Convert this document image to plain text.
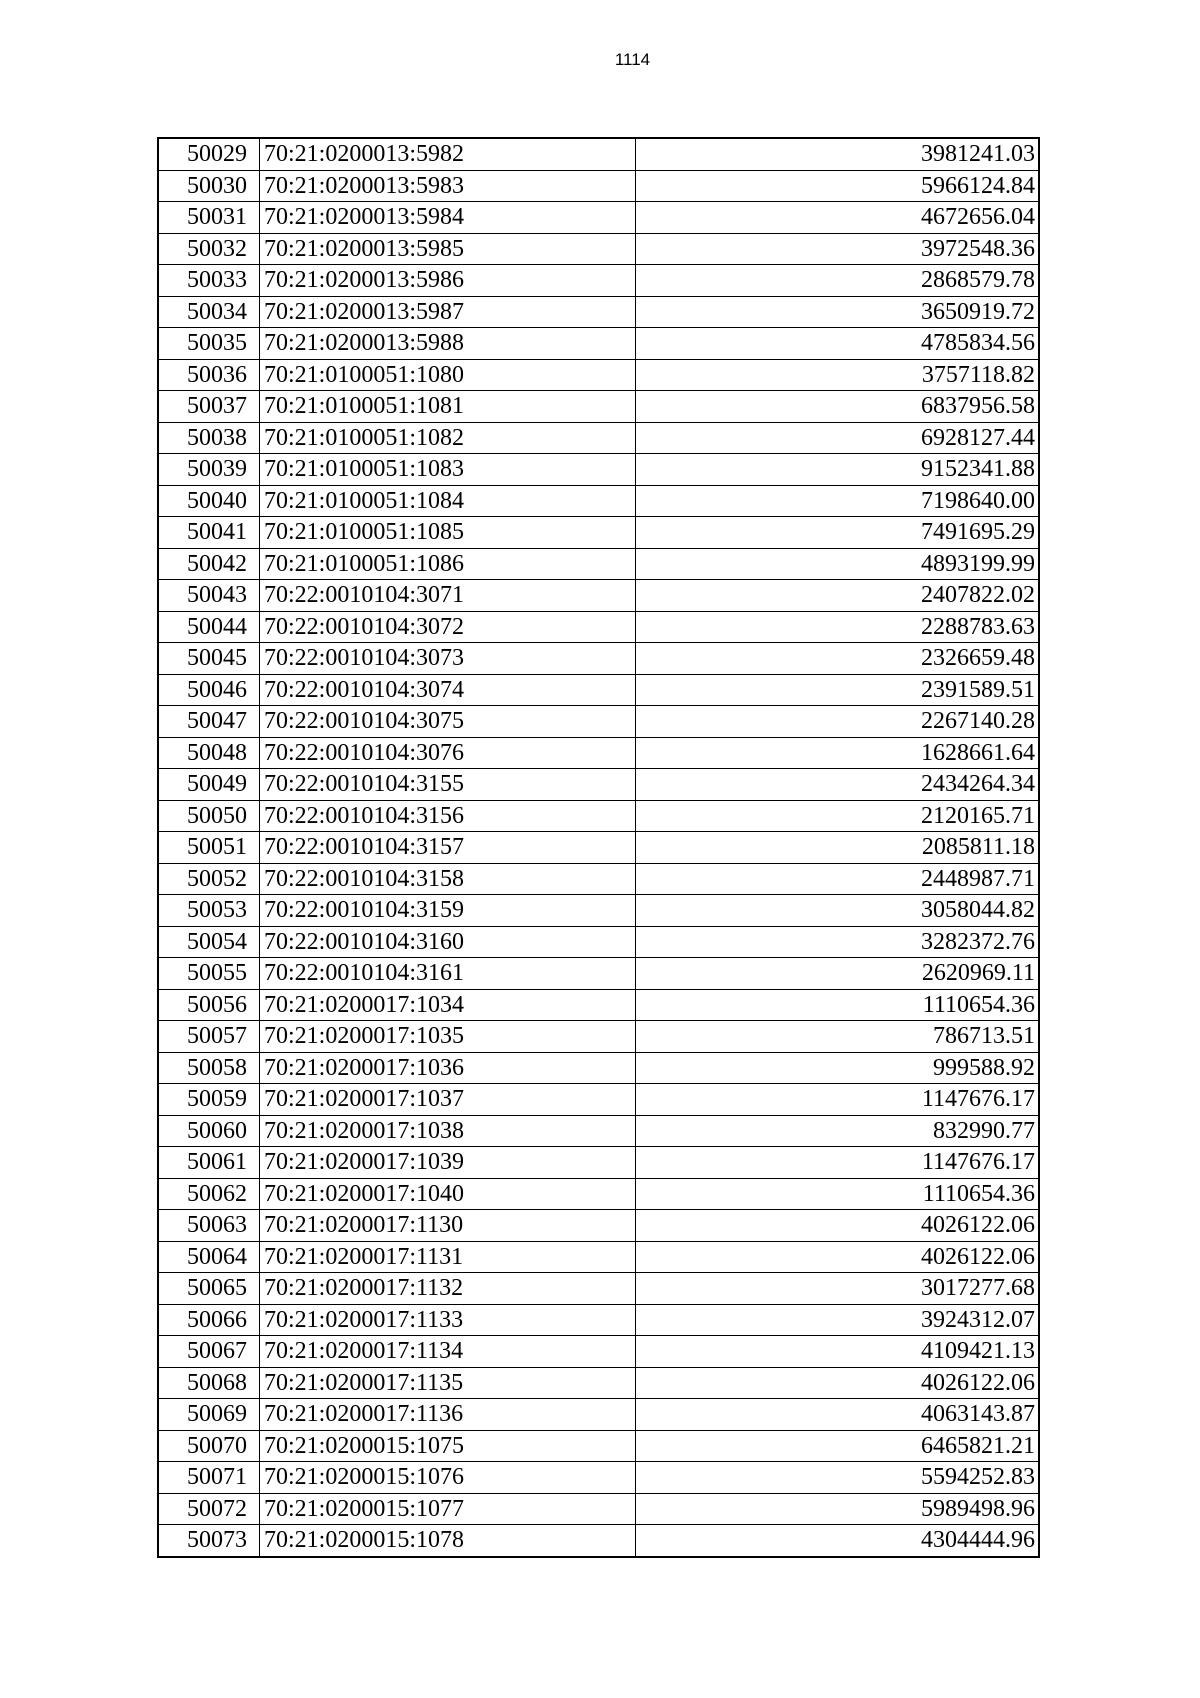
1114
50029	70:21:0200013:5982	3981241.03
50030	70:21:0200013:5983	5966124.84
50031	70:21:0200013:5984	4672656.04
50032	70:21:0200013:5985	3972548.36
50033	70:21:0200013:5986	2868579.78
50034	70:21:0200013:5987	3650919.72
50035	70:21:0200013:5988	4785834.56
50036	70:21:0100051:1080	3757118.82
50037	70:21:0100051:1081	6837956.58
50038	70:21:0100051:1082	6928127.44
50039	70:21:0100051:1083	9152341.88
50040	70:21:0100051:1084	7198640.00
50041	70:21:0100051:1085	7491695.29
50042	70:21:0100051:1086	4893199.99
50043	70:22:0010104:3071	2407822.02
50044	70:22:0010104:3072	2288783.63
50045	70:22:0010104:3073	2326659.48
50046	70:22:0010104:3074	2391589.51
50047	70:22:0010104:3075	2267140.28
50048	70:22:0010104:3076	1628661.64
50049	70:22:0010104:3155	2434264.34
50050	70:22:0010104:3156	2120165.71
50051	70:22:0010104:3157	2085811.18
50052	70:22:0010104:3158	2448987.71
50053	70:22:0010104:3159	3058044.82
50054	70:22:0010104:3160	3282372.76
50055	70:22:0010104:3161	2620969.11
50056	70:21:0200017:1034	1110654.36
50057	70:21:0200017:1035	786713.51
50058	70:21:0200017:1036	999588.92
50059	70:21:0200017:1037	1147676.17
50060	70:21:0200017:1038	832990.77
50061	70:21:0200017:1039	1147676.17
50062	70:21:0200017:1040	1110654.36
50063	70:21:0200017:1130	4026122.06
50064	70:21:0200017:1131	4026122.06
50065	70:21:0200017:1132	3017277.68
50066	70:21:0200017:1133	3924312.07
50067	70:21:0200017:1134	4109421.13
50068	70:21:0200017:1135	4026122.06
50069	70:21:0200017:1136	4063143.87
50070	70:21:0200015:1075	6465821.21
50071	70:21:0200015:1076	5594252.83
50072	70:21:0200015:1077	5989498.96
50073	70:21:0200015:1078	4304444.96
